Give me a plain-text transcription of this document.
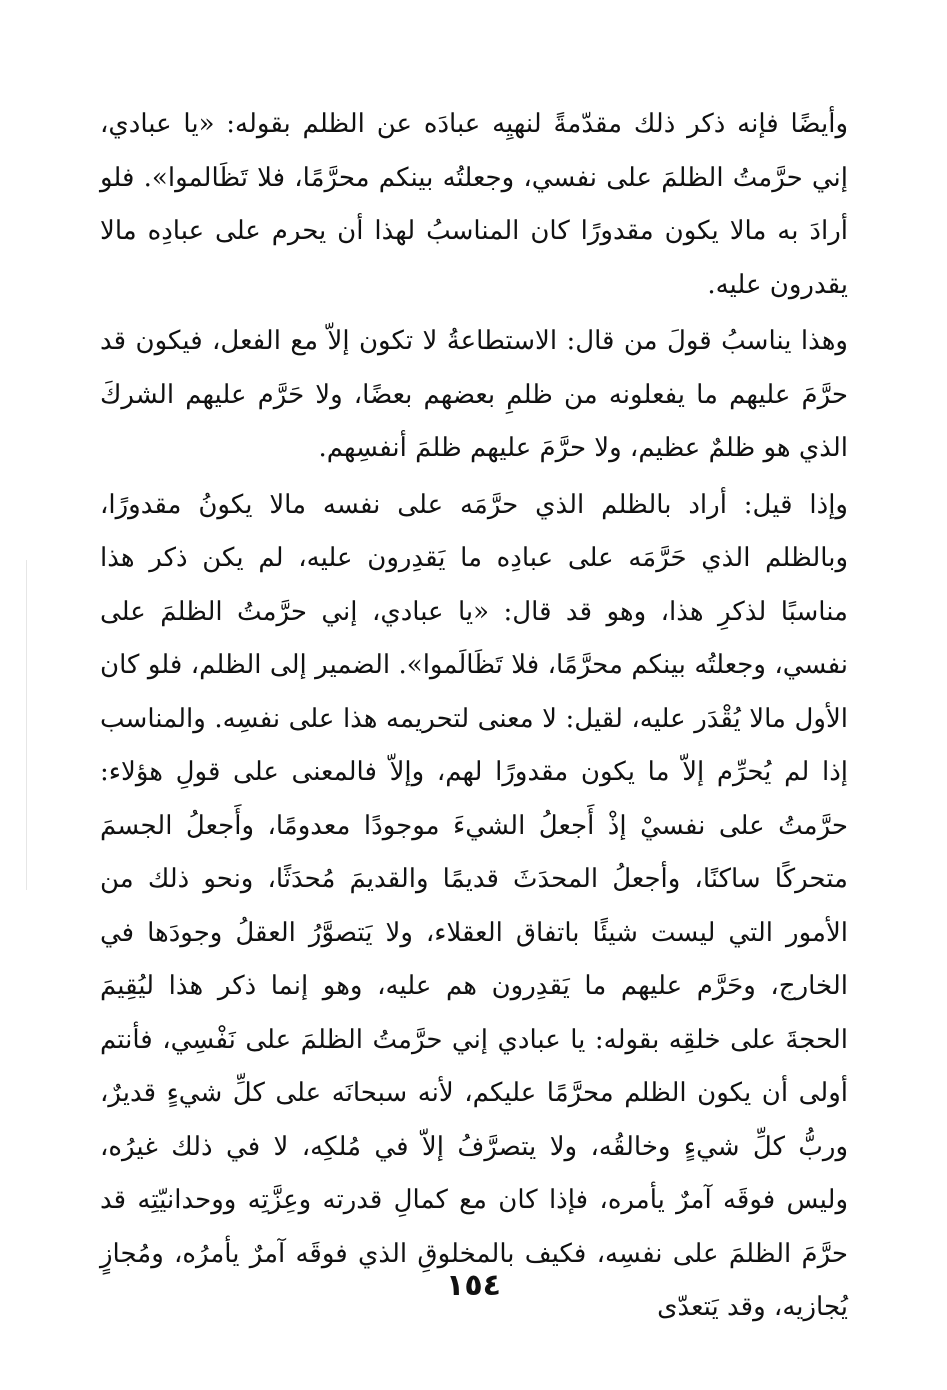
وأيضًا فإنه ذكر ذلك مقدّمةً لنهيِه عبادَه عن الظلم بقوله: «يا عبادي، إني حرَّمتُ الظلمَ على نفسي، وجعلتُه بينكم محرَّمًا، فلا تَظَالموا». فلو أرادَ به مالا يكون مقدورًا كان المناسبُ لهذا أن يحرم على عبادِه مالا يقدرون عليه.

وهذا يناسبُ قولَ من قال: الاستطاعةُ لا تكون إلاّ مع الفعل، فيكون قد حرَّمَ عليهم ما يفعلونه من ظلمِ بعضهم بعضًا، ولا حَرَّم عليهم الشركَ الذي هو ظلمٌ عظيم، ولا حرَّمَ عليهم ظلمَ أنفسِهم.

وإذا قيل: أراد بالظلم الذي حرَّمَه على نفسه مالا يكونُ مقدورًا، وبالظلم الذي حَرَّمَه على عبادِه ما يَقدِرون عليه، لم يكن ذكر هذا مناسبًا لذكرِ هذا، وهو قد قال: «يا عبادي، إني حرَّمتُ الظلمَ على نفسي، وجعلتُه بينكم محرَّمًا، فلا تَظَالَموا». الضمير إلى الظلم، فلو كان الأول مالا يُقْدَر عليه، لقيل: لا معنى لتحريمه هذا على نفسِه. والمناسب إذا لم يُحرِّم إلاّ ما يكون مقدورًا لهم، وإلاّ فالمعنى على قولِ هؤلاء: حرَّمتُ على نفسيْ إذْ أَجعلُ الشيءَ موجودًا معدومًا، وأَجعلُ الجسمَ متحركًا ساكنًا، وأجعلُ المحدَثَ قديمًا والقديمَ مُحدَثًا، ونحو ذلك من الأمور التي ليست شيئًا باتفاق العقلاء، ولا يَتصوَّرُ العقلُ وجودَها في الخارج، وحَرَّم عليهم ما يَقدِرون هم عليه، وهو إنما ذكر هذا ليُقِيمَ الحجةَ على خلقِه بقوله: يا عبادي إني حرَّمتُ الظلمَ على نَفْسِي، فأنتم أولى أن يكون الظلم محرَّمًا عليكم، لأنه سبحانَه على كلِّ شيءٍ قديرٌ، وربُّ كلِّ شيءٍ وخالقُه، ولا يتصرَّفُ إلاّ في مُلكِه، لا في ذلك غيرُه، وليس فوقَه آمرٌ يأمره، فإذا كان مع كمالِ قدرته وعِزَّتِه ووحدانيّتِه قد حرَّمَ الظلمَ على نفسِه، فكيف بالمخلوقِ الذي فوقَه آمرٌ يأمرُه، ومُجازٍ يُجازيه، وقد يَتعدّى

١٥٤
